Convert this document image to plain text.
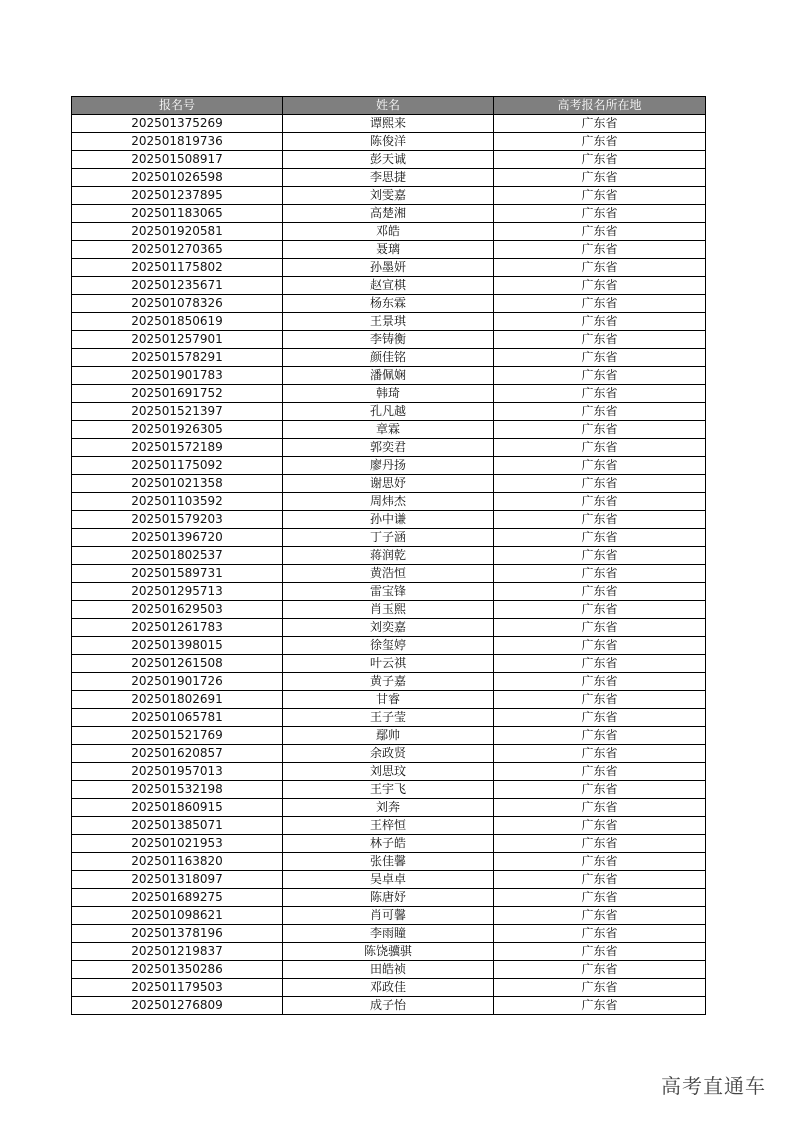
报名号	姓名	高考报名所在地
202501375269	谭熙来	广东省
202501819736	陈俊洋	广东省
202501508917	彭天诚	广东省
202501026598	李思捷	广东省
202501237895	刘雯嘉	广东省
202501183065	高楚湘	广东省
202501920581	邓皓	广东省
202501270365	聂璃	广东省
202501175802	孙墨妍	广东省
202501235671	赵宣棋	广东省
202501078326	杨东霖	广东省
202501850619	王景琪	广东省
202501257901	李铸衡	广东省
202501578291	颜佳铭	广东省
202501901783	潘佩娴	广东省
202501691752	韩琦	广东省
202501521397	孔凡越	广东省
202501926305	章霖	广东省
202501572189	郭奕君	广东省
202501175092	廖丹扬	广东省
202501021358	谢思妤	广东省
202501103592	周炜杰	广东省
202501579203	孙中谦	广东省
202501396720	丁子涵	广东省
202501802537	蒋润乾	广东省
202501589731	黄浩恒	广东省
202501295713	雷宝锋	广东省
202501629503	肖玉熙	广东省
202501261783	刘奕嘉	广东省
202501398015	徐玺婷	广东省
202501261508	叶云祺	广东省
202501901726	黄子嘉	广东省
202501802691	甘睿	广东省
202501065781	王子莹	广东省
202501521769	鄢帅	广东省
202501620857	余政贤	广东省
202501957013	刘思玟	广东省
202501532198	王宇飞	广东省
202501860915	刘奔	广东省
202501385071	王梓恒	广东省
202501021953	林子皓	广东省
202501163820	张佳馨	广东省
202501318097	吴卓卓	广东省
202501689275	陈唐妤	广东省
202501098621	肖可馨	广东省
202501378196	李雨瞳	广东省
202501219837	陈饶骥骐	广东省
202501350286	田皓祯	广东省
202501179503	邓政佳	广东省
202501276809	成子怡	广东省
高考直通车
